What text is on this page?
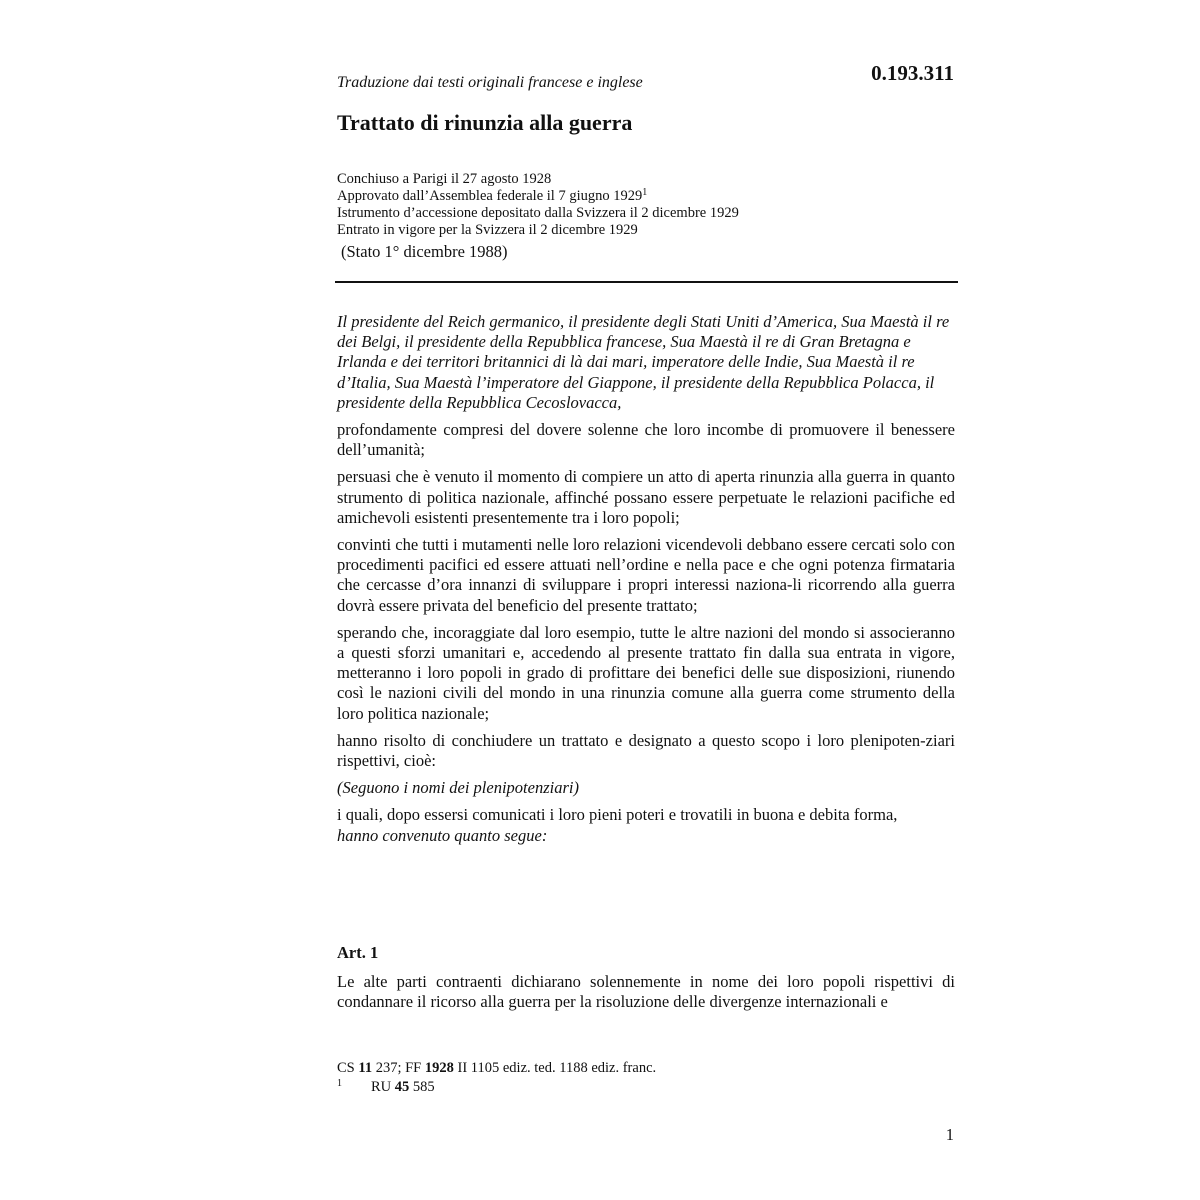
Traduzione dai testi originali francese e inglese	0.193.311
Trattato di rinunzia alla guerra
Conchiuso a Parigi il 27 agosto 1928
Approvato dall’Assemblea federale il 7 giugno 1929$^1$
Istrumento d’accessione depositato dalla Svizzera il 2 dicembre 1929
Entrato in vigore per la Svizzera il 2 dicembre 1929
(Stato 1° dicembre 1988)
Il presidente del Reich germanico, il presidente degli Stati Uniti d’America, Sua Maestà il re dei Belgi, il presidente della Repubblica francese, Sua Maestà il re di Gran Bretagna e Irlanda e dei territori britannici di là dai mari, imperatore delle Indie, Sua Maestà il re d’Italia, Sua Maestà l’imperatore del Giappone, il presidente della Repubblica Polacca, il presidente della Repubblica Cecoslovacca,
profondamente compresi del dovere solenne che loro incombe di promuovere il benessere dell’umanità;
persuasi che è venuto il momento di compiere un atto di aperta rinunzia alla guerra in quanto strumento di politica nazionale, affinché possano essere perpetuate le relazioni pacifiche ed amichevoli esistenti presentemente tra i loro popoli;
convinti che tutti i mutamenti nelle loro relazioni vicendevoli debbano essere cercati solo con procedimenti pacifici ed essere attuati nell’ordine e nella pace e che ogni potenza firmataria che cercasse d’ora innanzi di sviluppare i propri interessi naziona-li ricorrendo alla guerra dovrà essere privata del beneficio del presente trattato;
sperando che, incoraggiate dal loro esempio, tutte le altre nazioni del mondo si associeranno a questi sforzi umanitari e, accedendo al presente trattato fin dalla sua entrata in vigore, metteranno i loro popoli in grado di profittare dei benefici delle sue disposizioni, riunendo così le nazioni civili del mondo in una rinunzia comune alla guerra come strumento della loro politica nazionale;
hanno risolto di conchiudere un trattato e designato a questo scopo i loro plenipoten-ziari rispettivi, cioè:
(Seguono i nomi dei plenipotenziari)
i quali, dopo essersi comunicati i loro pieni poteri e trovatili in buona e debita forma,
hanno convenuto quanto segue:
Art. 1
Le alte parti contraenti dichiarano solennemente in nome dei loro popoli rispettivi di condannare il ricorso alla guerra per la risoluzione delle divergenze internazionali e
CS 11 237; FF 1928 II 1105 ediz. ted. 1188 ediz. franc.
1 RU 45 585
1
